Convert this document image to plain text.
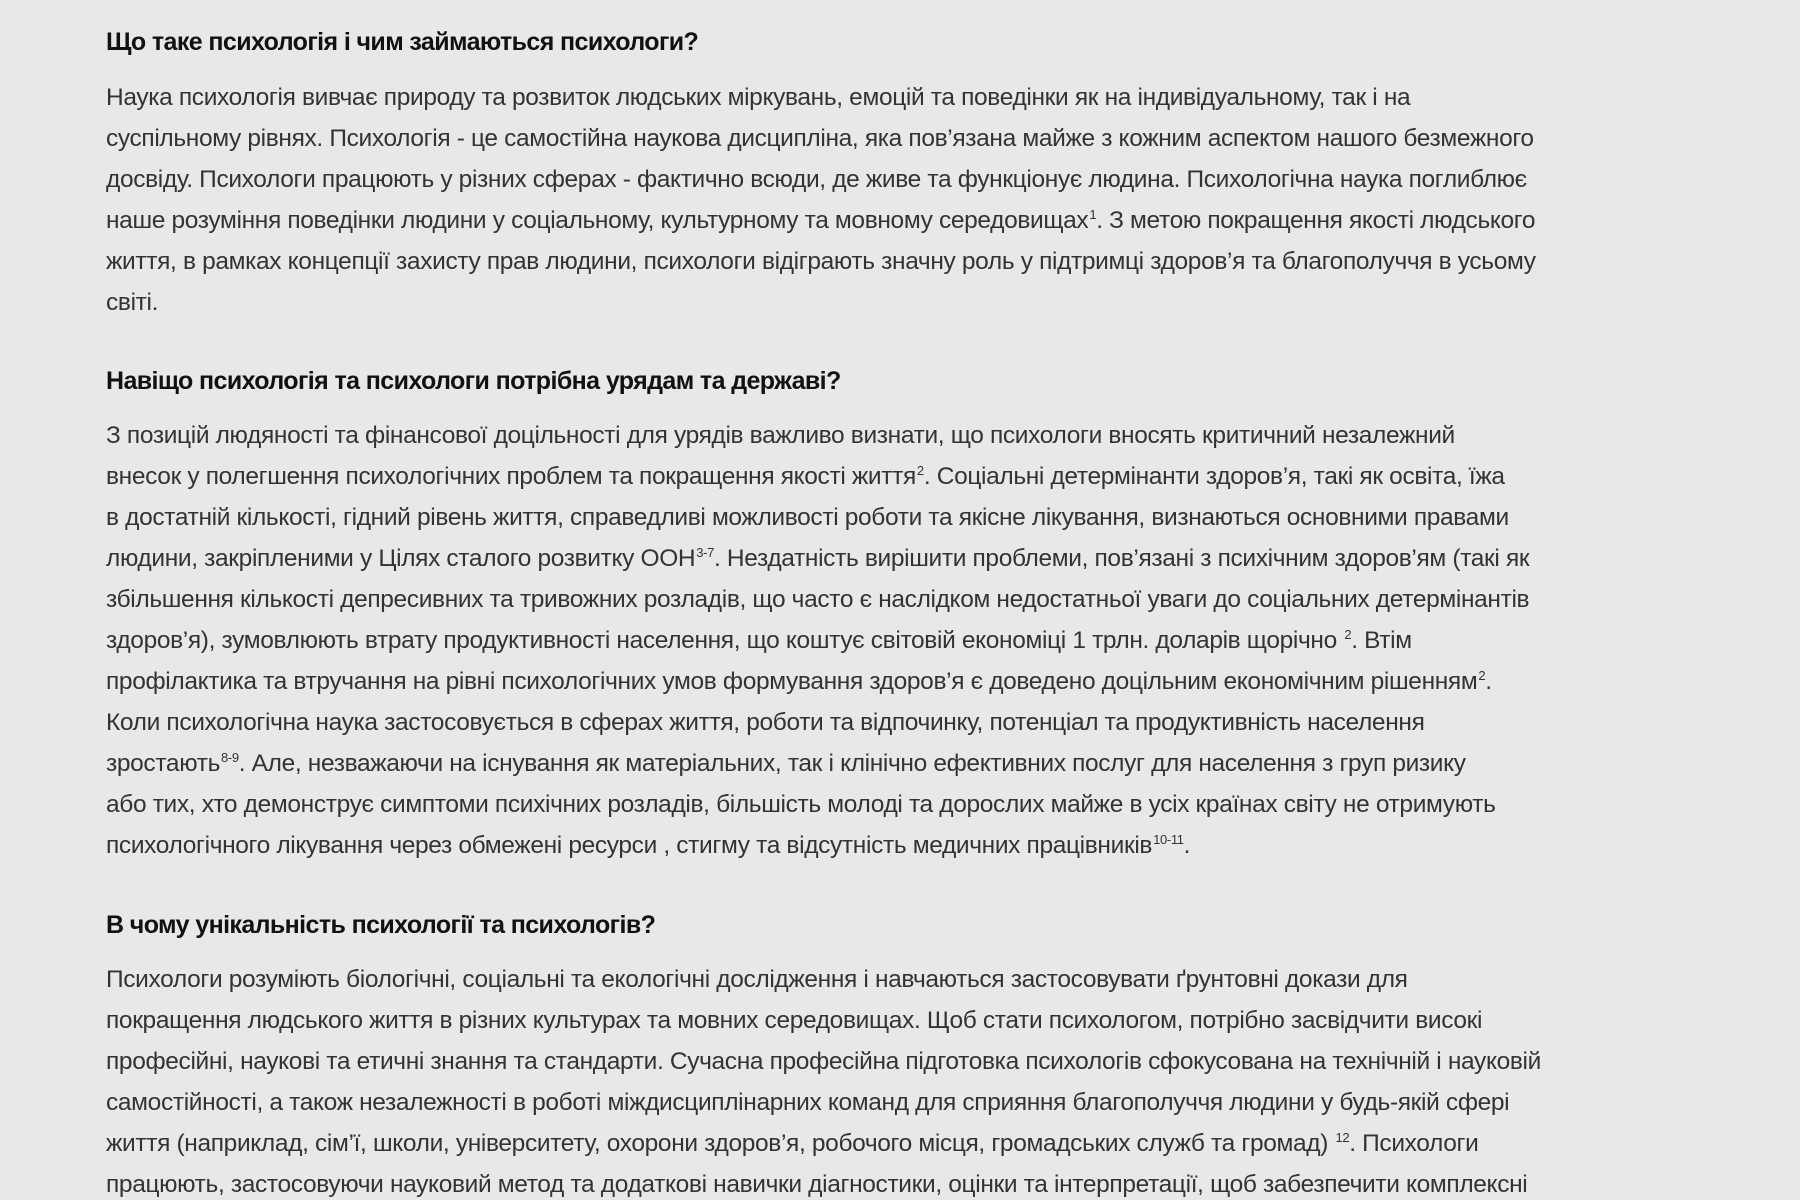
Що таке психологія і чим займаються психологи?

Наука психологія вивчає природу та розвиток людських міркувань, емоцій та поведінки як на індивідуальному, так і на
суспільному рівнях. Психологія - це самостійна наукова дисципліна, яка пов’язана майже з кожним аспектом нашого безмежного
досвіду. Психологи працюють у різних сферах - фактично всюди, де живе та функціонує людина. Психологічна наука поглиблює
наше розуміння поведінки людини у соціальному, культурному та мовному середовищах$^1$. З метою покращення якості людського
життя, в рамках концепції захисту прав людини, психологи відіграють значну роль у підтримці здоров’я та благополуччя в усьому
світі.

Навіщо психологія та психологи потрібна урядам та державі?

З позицій людяності та фінансової доцільності для урядів важливо визнати, що психологи вносять критичний незалежний
внесок у полегшення психологічних проблем та покращення якості життя$^2$. Соціальні детермінанти здоров’я, такі як освіта, їжа
в достатній кількості, гідний рівень життя, справедливі можливості роботи та якісне лікування, визнаються основними правами
людини, закріпленими у Цілях сталого розвитку ООН$^{3-7}$. Нездатність вирішити проблеми, пов’язані з психічним здоров’ям (такі як
збільшення кількості депресивних та тривожних розладів, що часто є наслідком недостатньої уваги до соціальних детермінантів
здоров’я), зумовлюють втрату продуктивності населення, що коштує світовій економіці 1 трлн. доларів щорічно $^2$. Втім
профілактика та втручання на рівні психологічних умов формування здоров’я є доведено доцільним економічним рішенням$^2$.
Коли психологічна наука застосовується в сферах життя, роботи та відпочинку, потенціал та продуктивність населення
зростають$^{8-9}$. Але, незважаючи на існування як матеріальних, так і клінічно ефективних послуг для населення з груп ризику
або тих, хто демонструє симптоми психічних розладів, більшість молоді та дорослих майже в усіх країнах світу не отримують
психологічного лікування через обмежені ресурси , стигму та відсутність медичних працівників$^{10-11}$.

В чому унікальність психології та психологів?

Психологи розуміють біологічні, соціальні та екологічні дослідження і навчаються застосовувати ґрунтовні докази для
покращення людського життя в різних культурах та мовних середовищах. Щоб стати психологом, потрібно засвідчити високі
професійні, наукові та етичні знання та стандарти. Сучасна професійна підготовка психологів сфокусована на технічній і науковій
самостійності, а також незалежності в роботі міждисциплінарних команд для сприяння благополуччя людини у будь-якій сфері
життя (наприклад, сім’ї, школи, університету, охорони здоров’я, робочого місця, громадських служб та громад) $^{12}$. Психологи
працюють, застосовуючи науковий метод та додаткові навички діагностики, оцінки та інтерпретації, щоб забезпечити комплексні
